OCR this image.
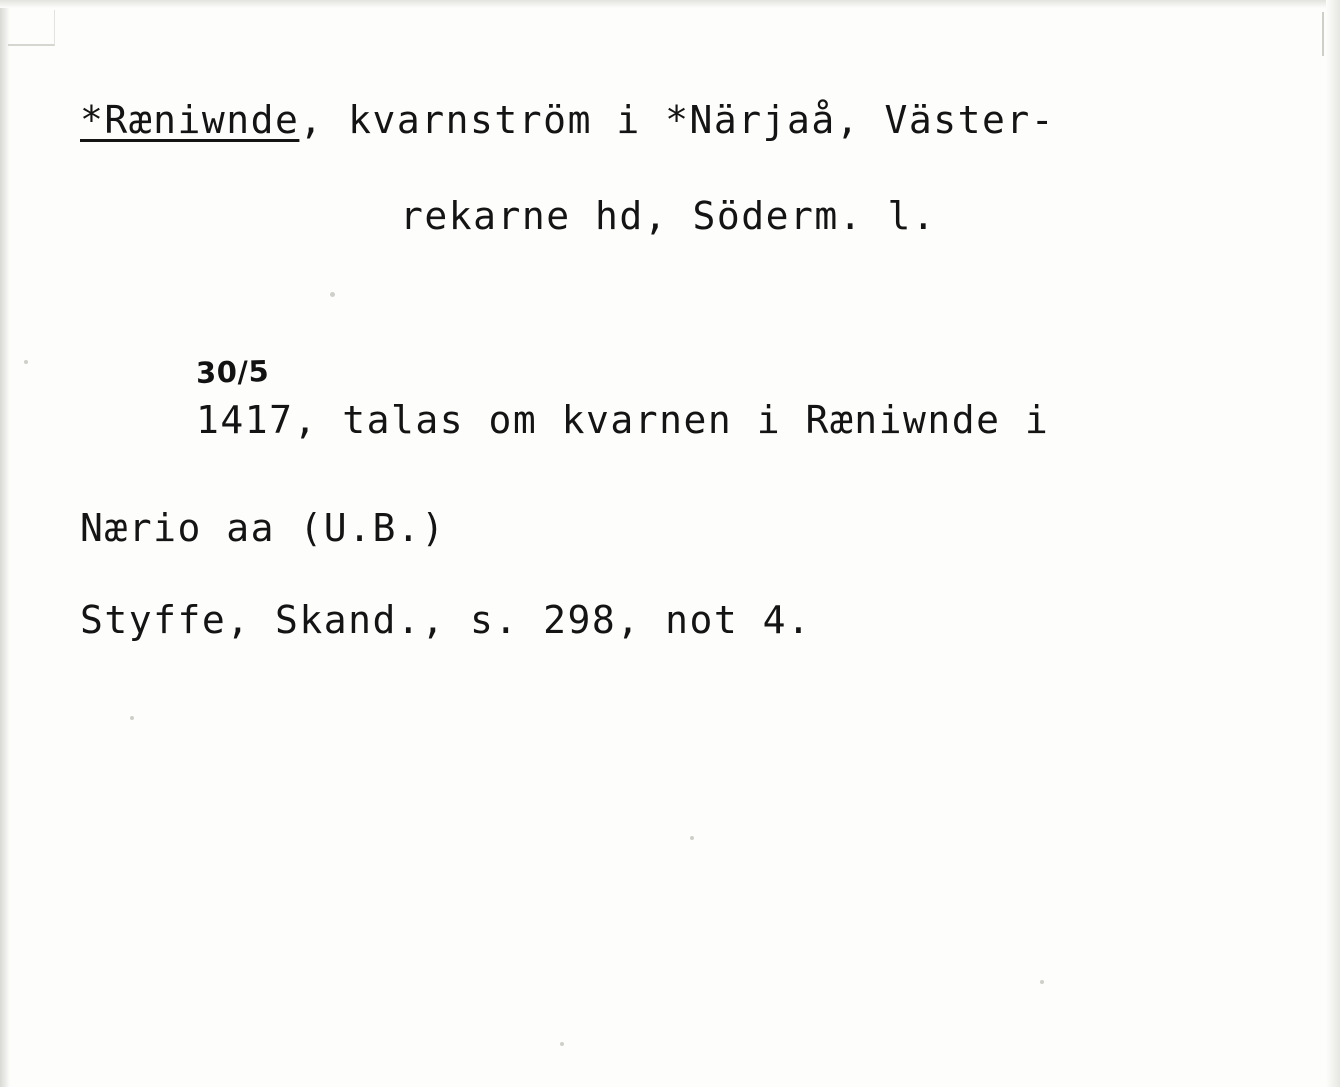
*Ræniwnde, kvarnström i *Närjaå, Väster-
rekarne hd, Söderm. l.
30/5
1417, talas om kvarnen i Ræniwnde i
Nærio aa (U.B.)
Styffe, Skand., s. 298, not 4.
